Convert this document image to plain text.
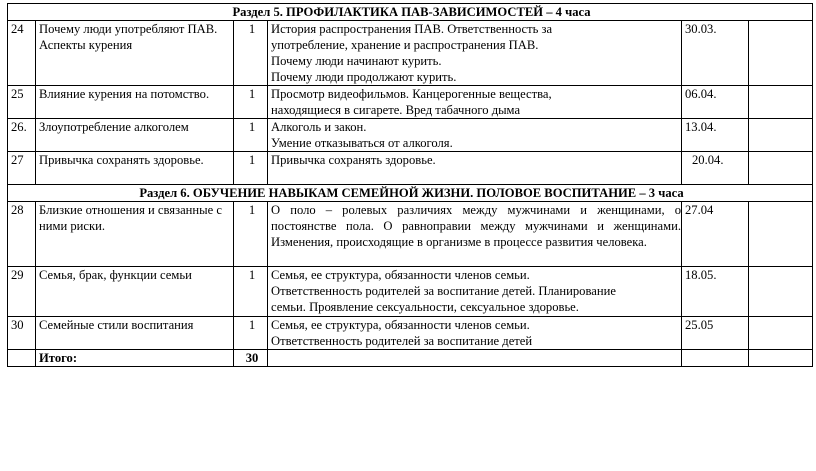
Раздел 5. ПРОФИЛАКТИКА ПАВ-ЗАВИСИМОСТЕЙ – 4 часа					
24	Почему люди употребляют ПАВ. Аспекты курения	1	История распространения ПАВ. Ответственность за
употребление, хранение и распространения ПАВ.
Почему люди начинают курить.
Почему люди продолжают курить.	30.03.	
25	Влияние курения на потомство.	1	Просмотр видеофильмов. Канцерогенные вещества,
находящиеся в сигарете. Вред табачного дыма	06.04.	
26.	Злоупотребление алкоголем	1	Алкоголь и закон.
Умение отказываться от алкоголя.	13.04.	
27	Привычка сохранять здоровье.	1	Привычка сохранять здоровье.	20.04.	
Раздел 6. ОБУЧЕНИЕ НАВЫКАМ СЕМЕЙНОЙ ЖИЗНИ. ПОЛОВОЕ ВОСПИТАНИЕ – 3 часа					
28	Близкие отношения и связанные с ними риски.	1	О поло – ролевых различиях между мужчинами и женщинами, о постоянстве пола. О равноправии между мужчинами и женщинами. Изменения, происходящие в организме в процессе развития человека.	27.04	
29	Семья, брак, функции семьи	1	Семья, ее структура, обязанности членов семьи.
Ответственность родителей за воспитание детей. Планирование
семьи. Проявление сексуальности, сексуальное здоровье.	18.05.	
30	Семейные стили воспитания	1	Семья, ее структура, обязанности членов семьи.
Ответственность родителей за воспитание детей	25.05	
	Итого:	30			
